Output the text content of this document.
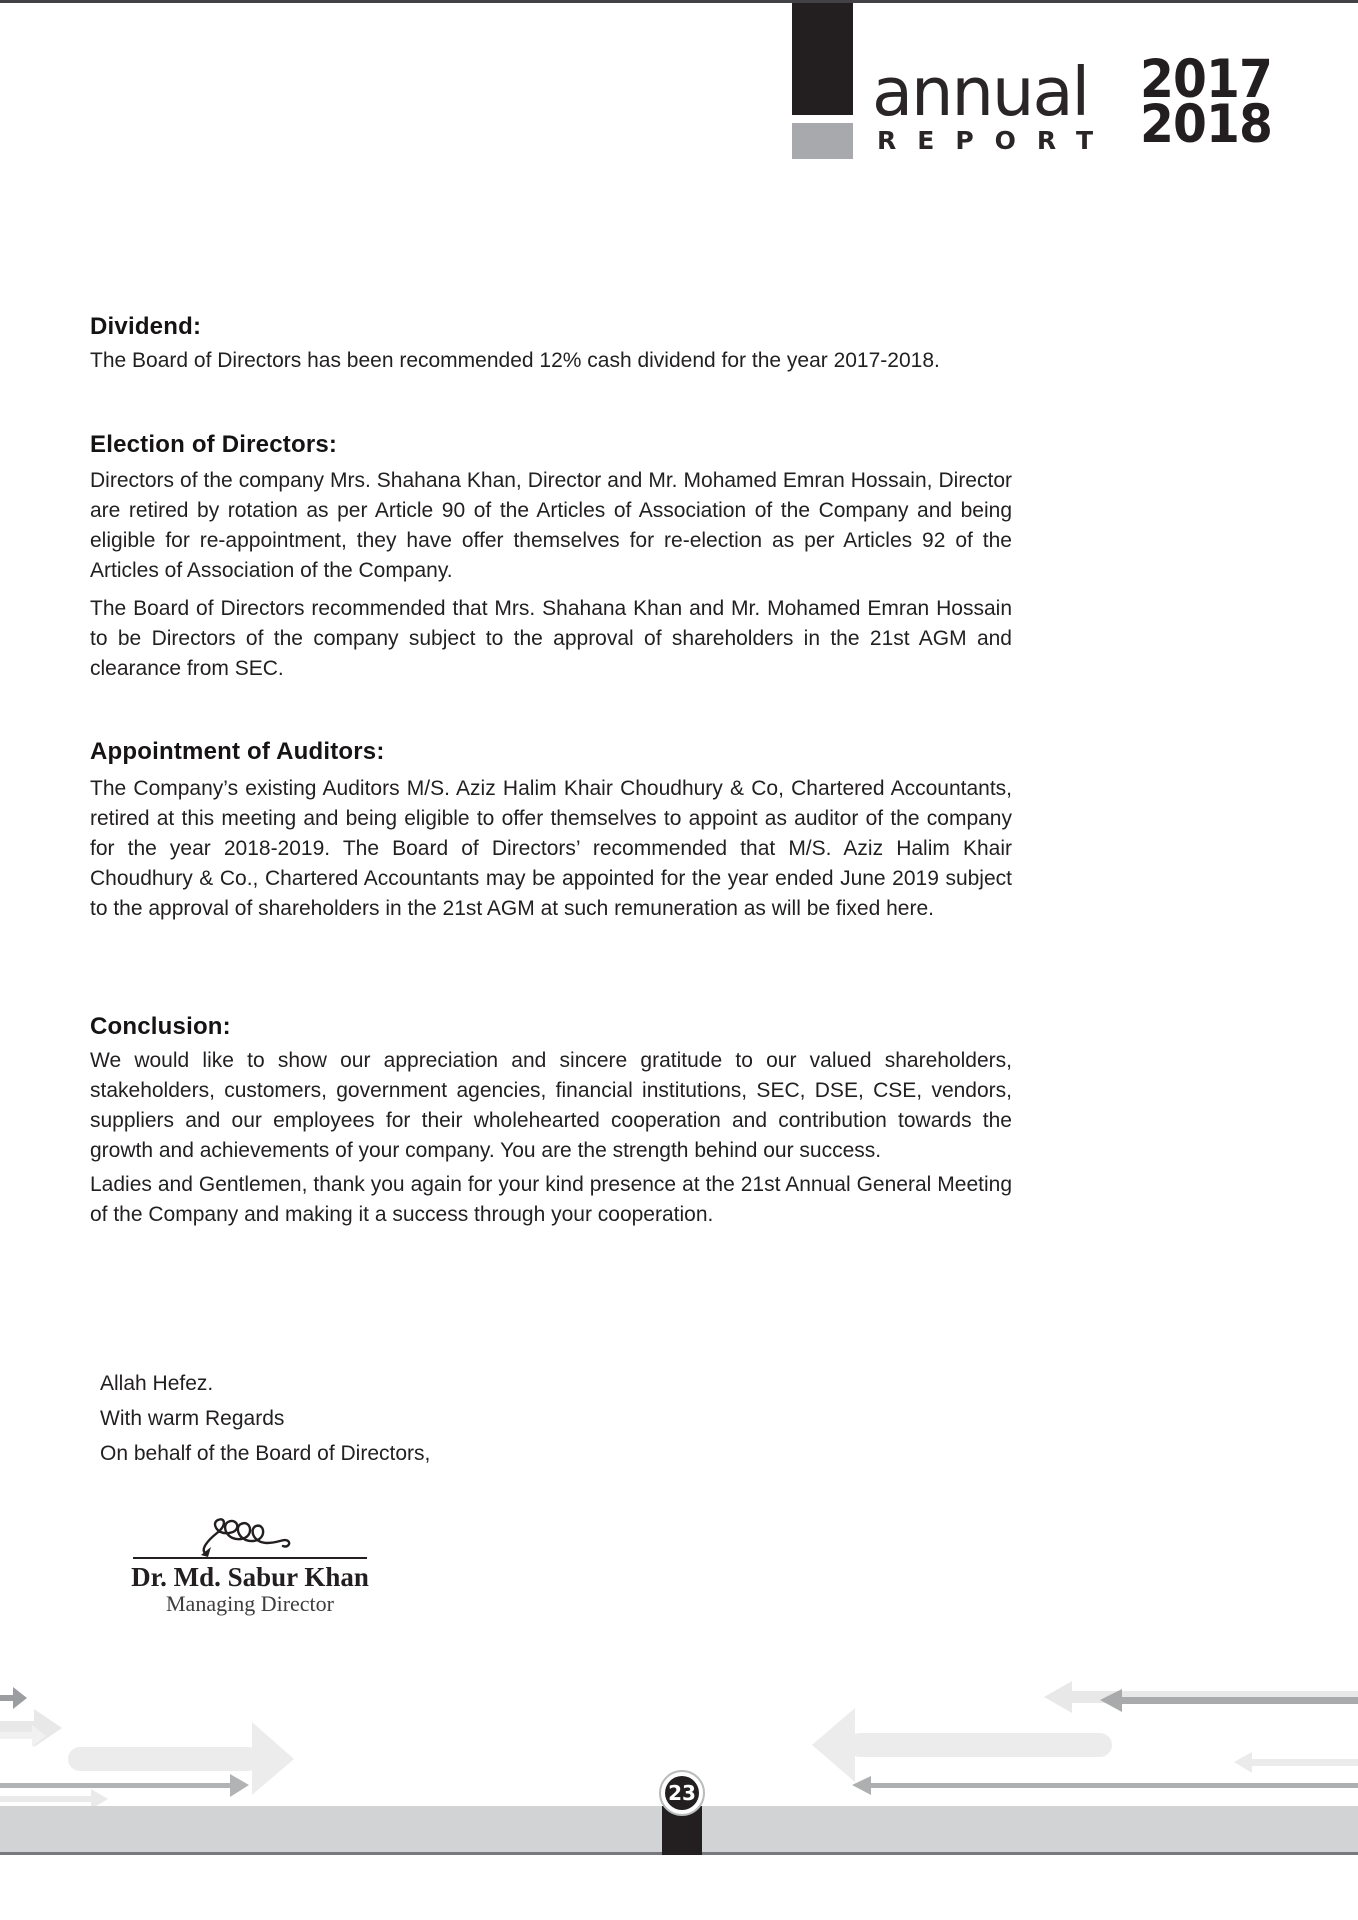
annual
REPORT
2017
2018
Dividend:
The Board of Directors has been recommended 12% cash dividend for the year 2017-2018.
Election of Directors:
Directors of the company Mrs. Shahana Khan, Director and Mr. Mohamed Emran Hossain, Director are retired by rotation as per Article 90 of the Articles of Association of the Company and being eligible for re-appointment, they have offer themselves for re-election as per Articles 92 of the Articles of Association of the Company.
The Board of Directors recommended that Mrs. Shahana Khan and Mr. Mohamed Emran Hossain to be Directors of the company subject to the approval of shareholders in the 21st AGM and clearance from SEC.
Appointment of Auditors:
The Company’s existing Auditors M/S. Aziz Halim Khair Choudhury & Co, Chartered Accountants, retired at this meeting and being eligible to offer themselves to appoint as auditor of the company for the year 2018-2019. The Board of Directors’ recommended that M/S. Aziz Halim Khair Choudhury & Co., Chartered Accountants may be appointed for the year ended June 2019 subject to the approval of shareholders in the 21st AGM at such remuneration as will be fixed here.
Conclusion:
We would like to show our appreciation and sincere gratitude to our valued shareholders, stakeholders, customers, government agencies, financial institutions, SEC, DSE, CSE, vendors, suppliers and our employees for their wholehearted cooperation and contribution towards the growth and achievements of your company. You are the strength behind our success.
Ladies and Gentlemen, thank you again for your kind presence at the 21st Annual General Meeting of the Company and making it a success through your cooperation.
Allah Hefez.
With warm Regards
On behalf of the Board of Directors,
Dr. Md. Sabur Khan
Managing Director
23
